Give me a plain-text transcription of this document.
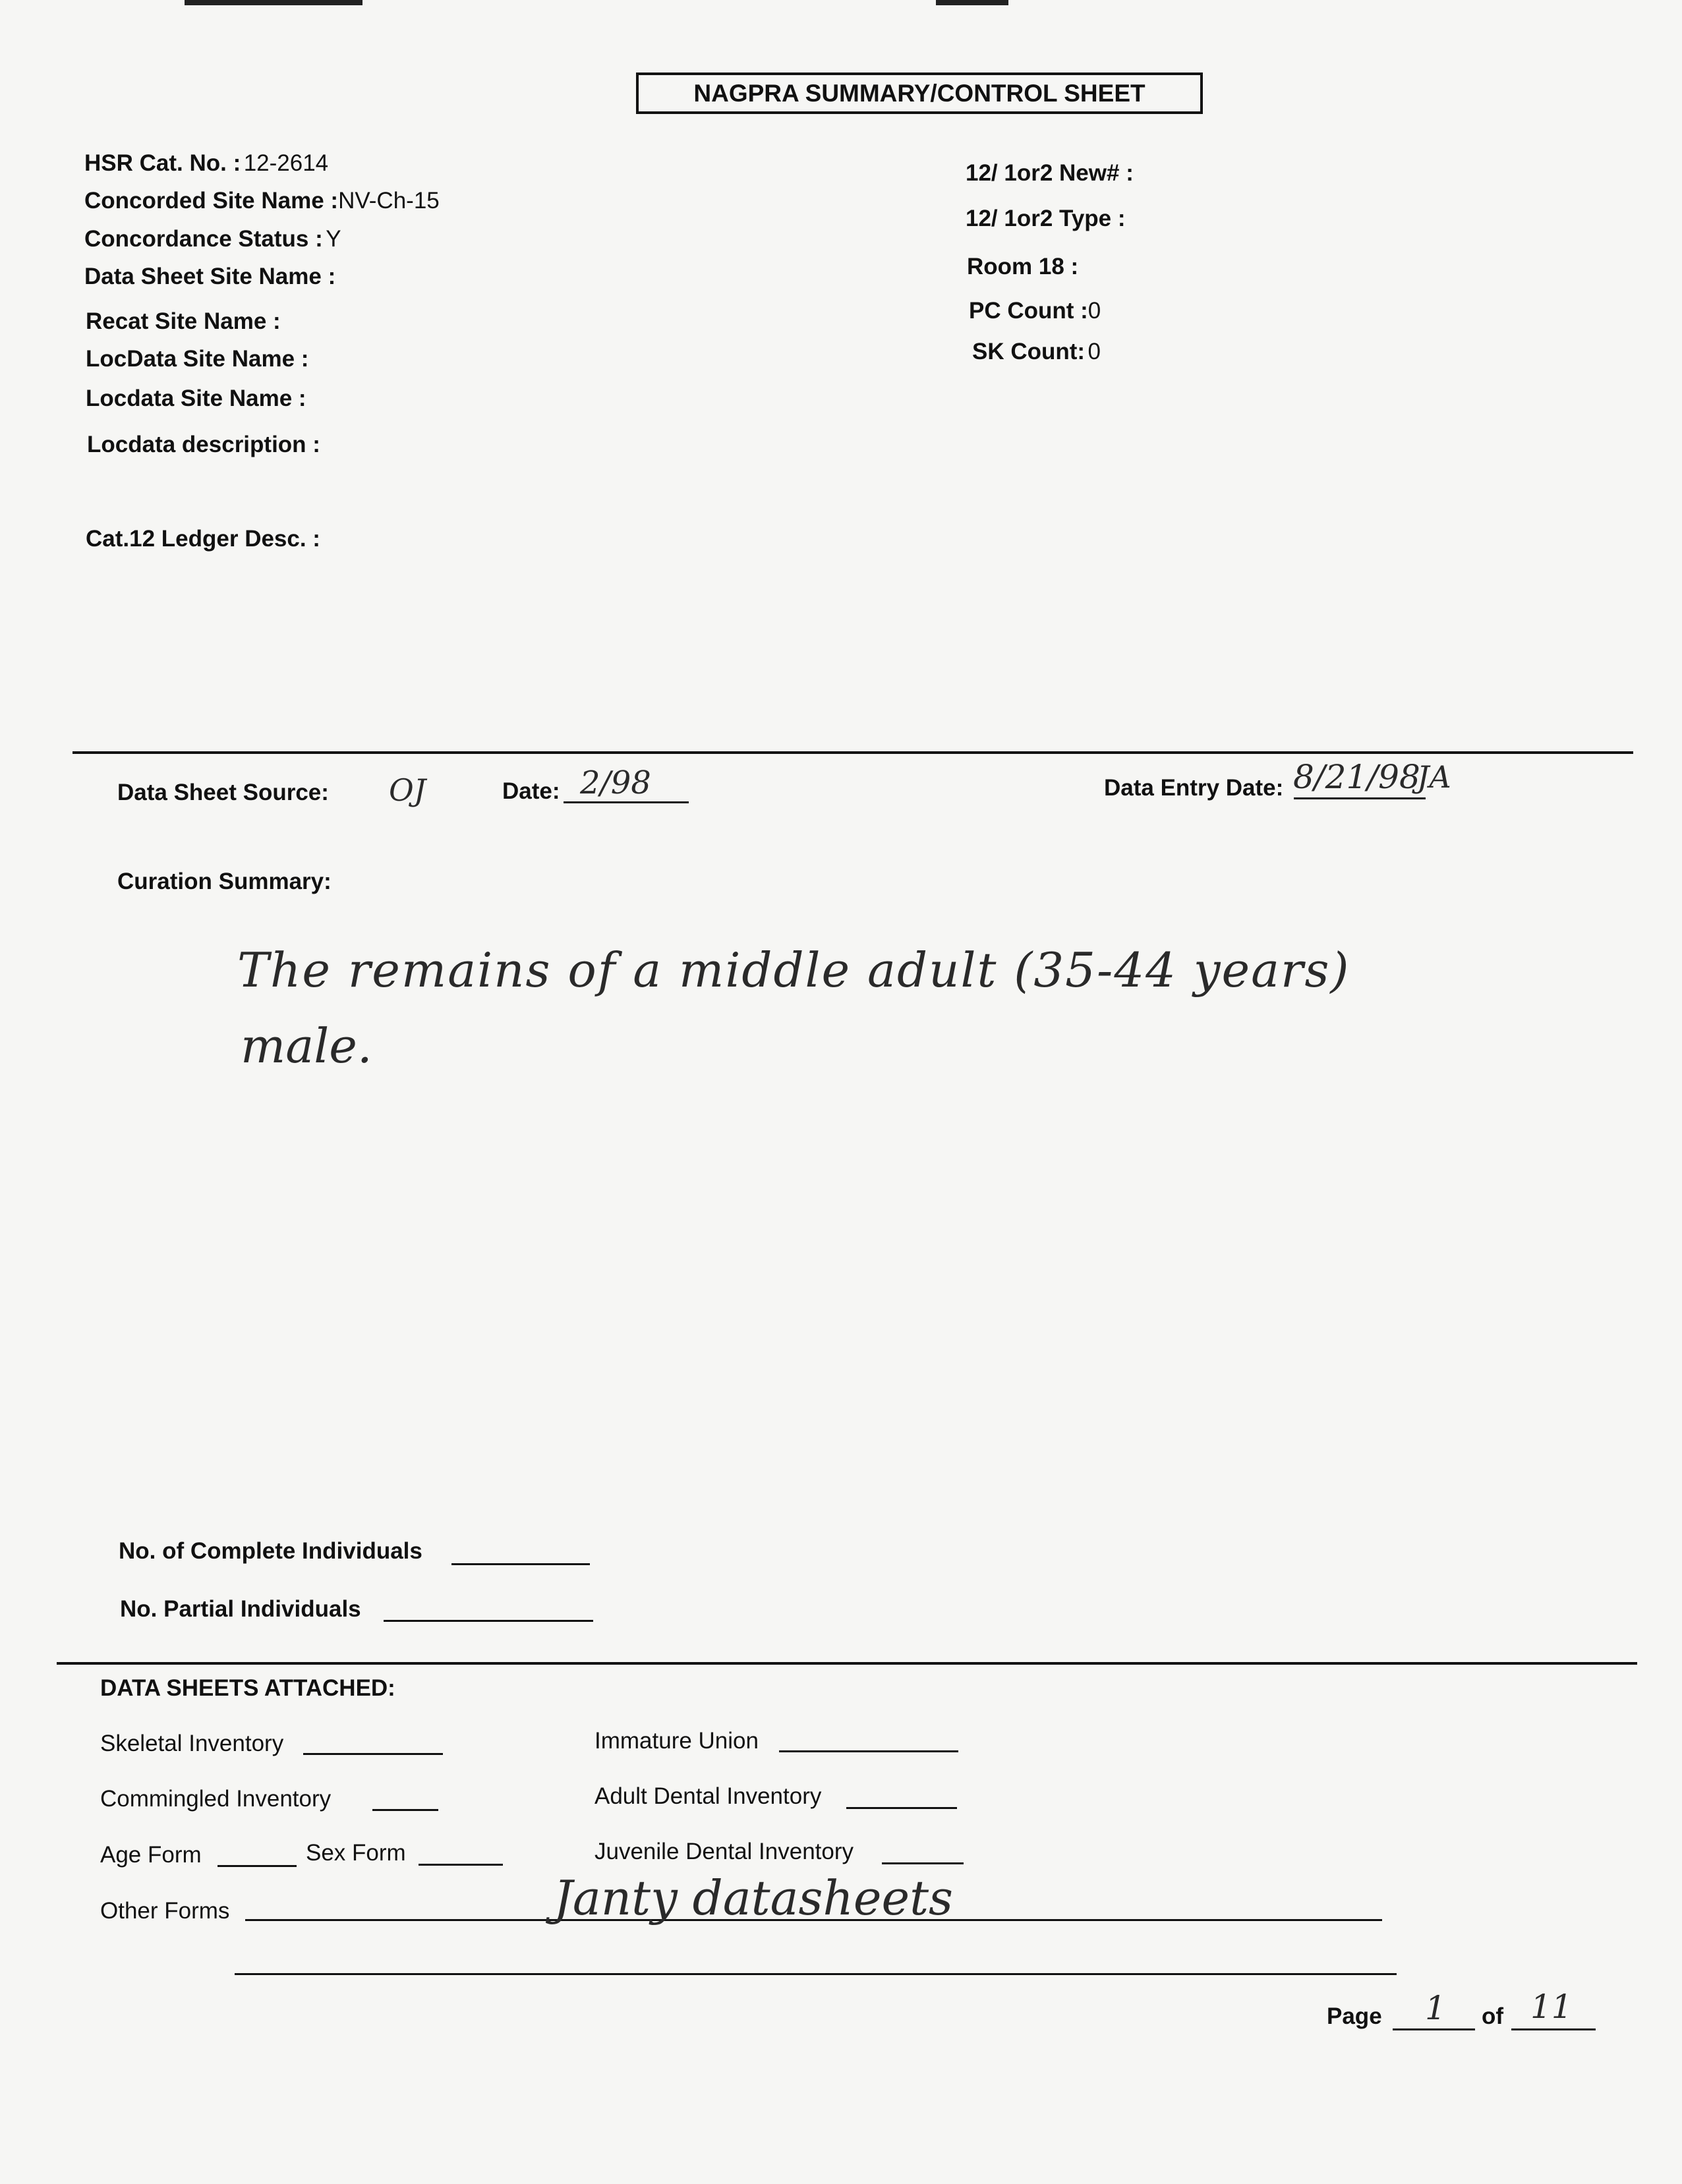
NAGPRA SUMMARY/CONTROL SHEET
HSR Cat. No. : 12-2614
Concorded Site Name :NV-Ch-15
Concordance Status : Y
Data Sheet Site Name :
Recat Site Name :
LocData Site Name :
Locdata Site Name :
Locdata description :
Cat.12 Ledger Desc. :
12/ 1or2 New# :
12/ 1or2 Type :
Room 18 :
PC Count :0
SK Count: 0
Data Sheet Source: OJ	Date: 2/98	Data Entry Date: 8/21/98
JA
Curation Summary:
The remains of a middle adult (35-44 years)
male.
No. of Complete Individuals
No. Partial Individuals
DATA SHEETS ATTACHED:
Skeletal Inventory
Commingled Inventory
Age Form	Sex Form
Other Forms	Janty datasheets
Immature Union
Adult Dental Inventory
Juvenile Dental Inventory
Page 1 of 11
